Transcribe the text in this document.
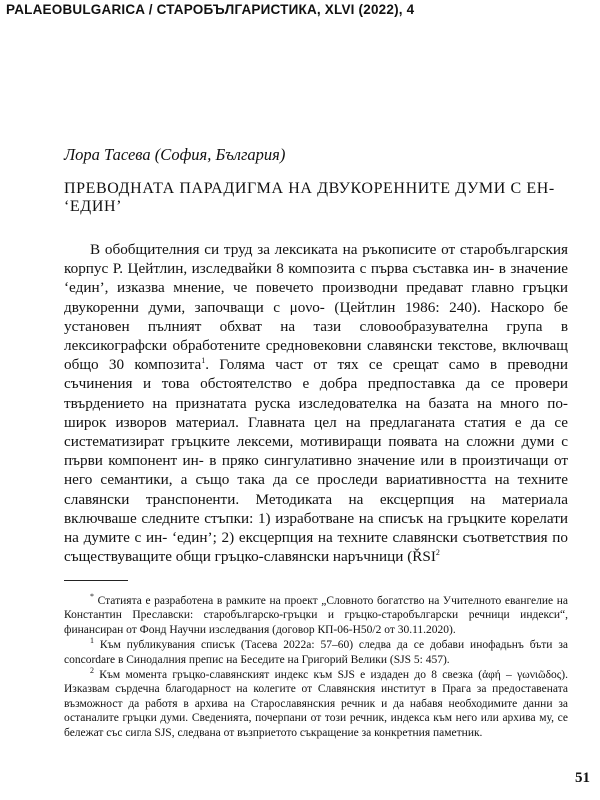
PALAEOBULGARICA / СТАРОБЪЛГАРИСТИКА, XLVI (2022), 4
Лора Тасева (София, България)
ПРЕВОДНАТА ПАРАДИГМА НА ДВУКОРЕННИТЕ ДУМИ С ЕН- ‘ЕДИН’

В обобщителния си труд за лексиката на ръкописите от старобългарския корпус Р. Цейтлин, изследвайки 8 композита с първа съставка ин- в значение ‘един’, изказва мнение, че повечето производни предават главно гръцки двукоренни думи, започващи с μονο- (Цейтлин 1986: 240). Наскоро бе установен пълният обхват на тази словообразувателна група в лексикографски обработените средновековни славянски текстове, включващ общо 30 композита$^1$. Голяма част от тях се срещат само в преводни съчинения и това обстоятелство е добра предпоставка да се провери твърдението на признатата руска изследователка на базата на много по-широк изворов материал. Главната цел на предлаганата статия е да се систематизират гръцките лексеми, мотивиращи появата на сложни думи с първи компонент ин- в пряко сингулативно значение или в произтичащи от него семантики, а също така да се проследи вариативността на техните славянски транспоненти. Методиката на ексцерпция на материала включваше следните стъпки: 1) изработване на списък на гръцките корелати на думите с ин- ‘един’; 2) ексцерпция на техните славянски съответствия по съществуващите общи гръцко-славянски наръчници (ŘSI$^2$

* Статията е разработена в рамките на проект „Словното богатство на Учителното евангелие на Константин Преславски: старобългарско-гръцки и гръцко-старобългарски речници индекси“, финансиран от Фонд Научни изследвания (договор КП-06-Н50/2 от 30.11.2020).

$^1$ Към публикувания списък (Тасева 2022а: 57–60) следва да се добави инофадьнъ бъти за concordare в Синодалния препис на Беседите на Григорий Велики (SJS 5: 457).

$^2$ Към момента гръцко-славянският индекс към SJS е издаден до 8 свезка (ἀφή – γωνιῶδος). Изказвам сърдечна благодарност на колегите от Славянския институт в Прага за предоставената възможност да работя в архива на Старославянския речник и да набавя необходимите данни за останалите гръцки думи. Сведенията, почерпани от този речник, индекса към него или архива му, се бележат със сигла SJS, следвана от възприетото съкращение за конкретния паметник.

51
